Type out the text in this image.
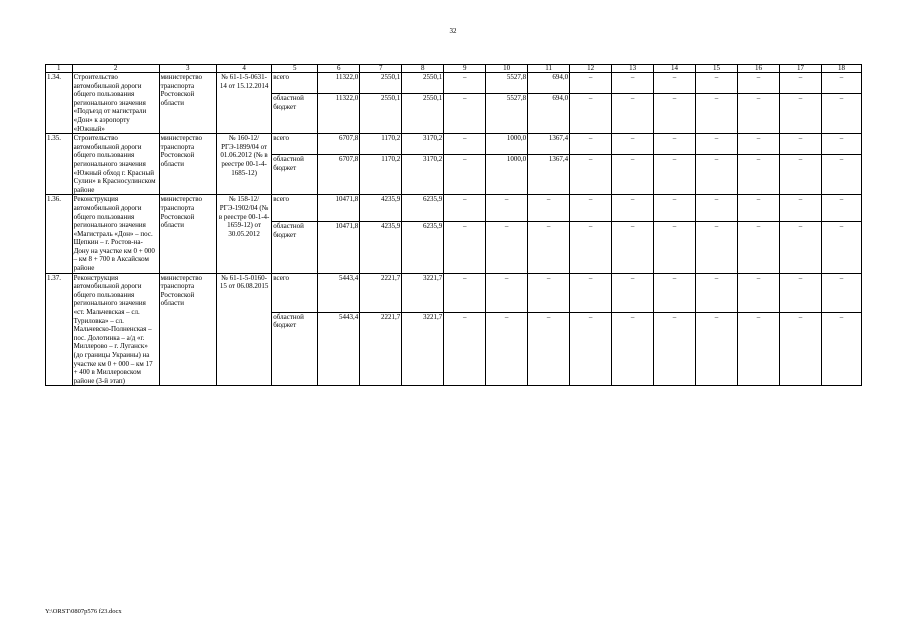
32
1	2	3	4	5	6	7	8	9	10	11	12	13	14	15	16	17	18
1.34.	Строительство автомобильной дороги общего пользования регионального значения «Подъезд от магистрали «Дон» к аэропорту «Южный»	министерство транспорта Ростовской области	№ 61-1-5-0631-14 от 15.12.2014	всего	11322,0	2550,1	2550,1	–	5527,8	694,0	–	–	–	–	–	–	–
				областной бюджет	11322,0	2550,1	2550,1	–	5527,8	694,0	–	–	–	–	–	–	–
1.35.	Строительство автомобильной дороги общего пользования регионального значения «Южный обход г. Красный Сулин» в Красносулинском районе	министерство транспорта Ростовской области	№ 160-12/РГЭ-1899/04 от 01.06.2012 (№ в реестре 00-1-4-1685-12)	всего	6707,8	1170,2	3170,2	–	1000,0	1367,4	–	–	–	–	–	–	–
				областной бюджет	6707,8	1170,2	3170,2	–	1000,0	1367,4	–	–	–	–	–	–	–
1.36.	Реконструкция автомобильной дороги общего пользования регионального значения «Магистраль «Дон» – пос. Щепкин – г. Ростов-на-Дону на участке км 0 + 000 – км 8 + 700 в Аксайском районе	министерство транспорта Ростовской области	№ 158-12/РГЭ-1902/04 (№ в реестре 00-1-4-1659-12) от 30.05.2012	всего	10471,8	4235,9	6235,9	–	–	–	–	–	–	–	–	–	–
				областной бюджет	10471,8	4235,9	6235,9	–	–	–	–	–	–	–	–	–	–
1.37.	Реконструкция автомобильной дороги общего пользования регионального значения «ст. Мальчевская – сл. Туриловка» – сл. Мальчевско-Полненская – пос. Долотинка – а/д «г. Миллерово – г. Луганск» (до границы Украины) на участке км 0 + 000 – км 17 + 400 в Миллеровском районе (3-й этап)	министерство транспорта Ростовской области	№ 61-1-5-0160-15 от 06.08.2015	всего	5443,4	2221,7	3221,7	–	–	–	–	–	–	–	–	–	–
				областной бюджет	5443,4	2221,7	3221,7	–	–	–	–	–	–	–	–	–	–
Y:\ORST\0807p576 f23.docx
